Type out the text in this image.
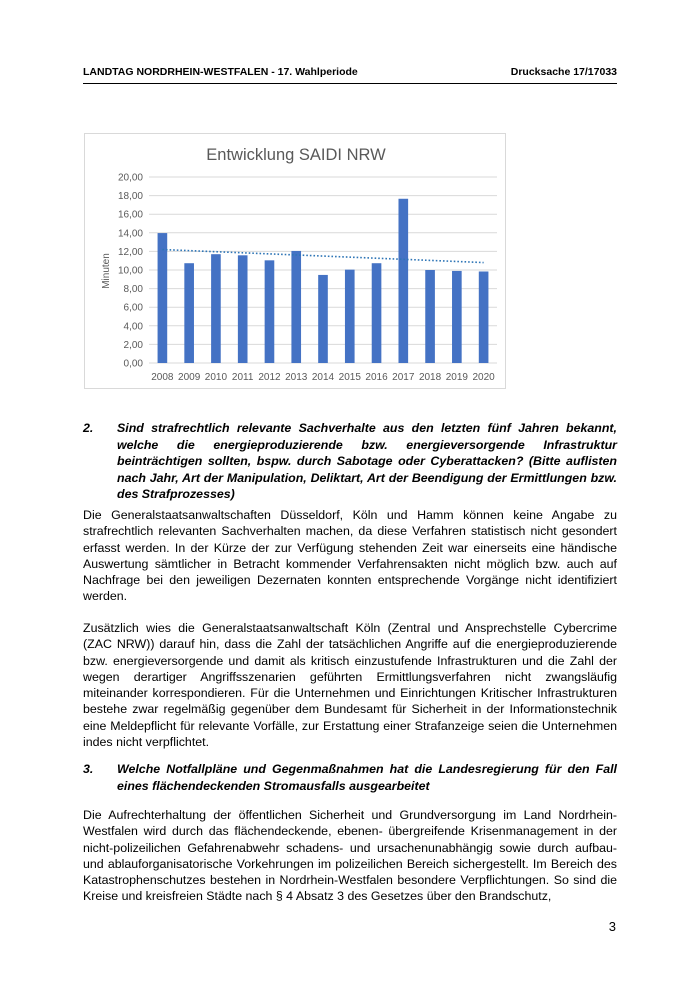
LANDTAG NORDRHEIN-WESTFALEN - 17. Wahlperiode	Drucksache 17/17033
Entwicklung SAIDI NRW
Minuten
0,00
2,00
4,00
6,00
8,00
10,00
12,00
14,00
16,00
18,00
20,00
2008 2009 2010 2011 2012 2013 2014 2015 2016 2017 2018 2019 2020
2. Sind strafrechtlich relevante Sachverhalte aus den letzten fünf Jahren bekannt, welche die energieproduzierende bzw. energieversorgende Infrastruktur beinträchtigen sollten, bspw. durch Sabotage oder Cyberattacken? (Bitte auflisten nach Jahr, Art der Manipulation, Deliktart, Art der Beendigung der Ermittlungen bzw. des Strafprozesses)
Die Generalstaatsanwaltschaften Düsseldorf, Köln und Hamm können keine Angabe zu strafrechtlich relevanten Sachverhalten machen, da diese Verfahren statistisch nicht gesondert erfasst werden. In der Kürze der zur Verfügung stehenden Zeit war einerseits eine händische Auswertung sämtlicher in Betracht kommender Verfahrensakten nicht möglich bzw. auch auf Nachfrage bei den jeweiligen Dezernaten konnten entsprechende Vorgänge nicht identifiziert werden.
Zusätzlich wies die Generalstaatsanwaltschaft Köln (Zentral und Ansprechstelle Cybercrime (ZAC NRW)) darauf hin, dass die Zahl der tatsächlichen Angriffe auf die energieproduzierende bzw. energieversorgende und damit als kritisch einzustufende Infrastrukturen und die Zahl der wegen derartiger Angriffsszenarien geführten Ermittlungsverfahren nicht zwangsläufig miteinander korrespondieren. Für die Unternehmen und Einrichtungen Kritischer Infrastrukturen bestehe zwar regelmäßig gegenüber dem Bundesamt für Sicherheit in der Informationstechnik eine Meldepflicht für relevante Vorfälle, zur Erstattung einer Strafanzeige seien die Unternehmen indes nicht verpflichtet.
3. Welche Notfallpläne und Gegenmaßnahmen hat die Landesregierung für den Fall eines flächendeckenden Stromausfalls ausgearbeitet
Die Aufrechterhaltung der öffentlichen Sicherheit und Grundversorgung im Land Nordrhein-Westfalen wird durch das flächendeckende, ebenen- übergreifende Krisenmanagement in der nicht-polizeilichen Gefahrenabwehr schadens- und ursachenunabhängig sowie durch aufbau- und ablauforganisatorische Vorkehrungen im polizeilichen Bereich sichergestellt. Im Bereich des Katastrophenschutzes bestehen in Nordrhein-Westfalen besondere Verpflichtungen. So sind die Kreise und kreisfreien Städte nach § 4 Absatz 3 des Gesetzes über den Brandschutz,
3
